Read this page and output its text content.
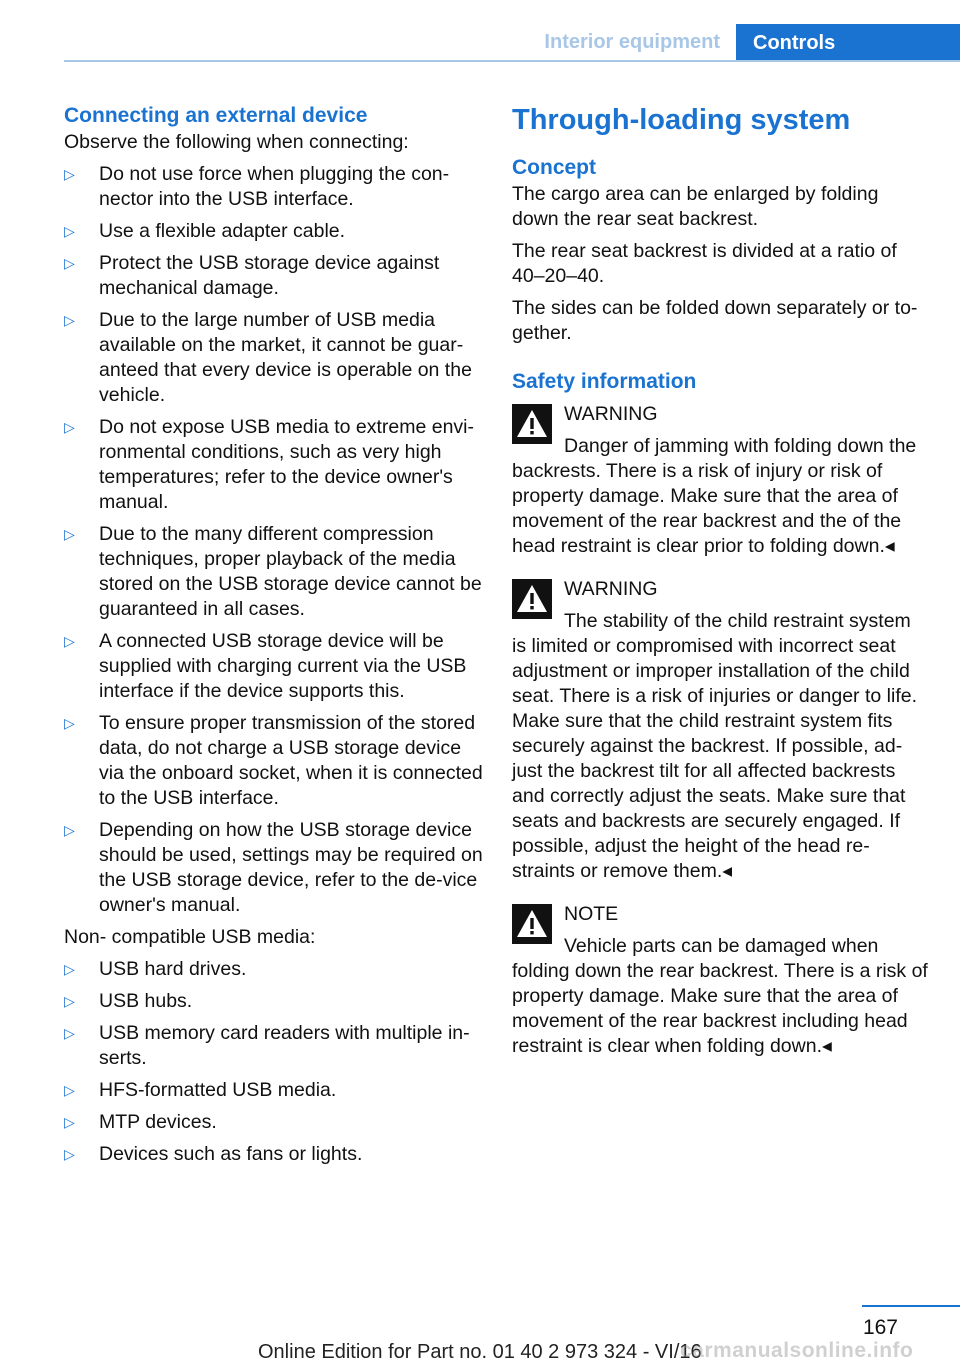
Interior equipment	Controls
Connecting an external device

Observe the following when connecting:

▷ Do not use force when plugging the con-nector into the USB interface.
▷ Use a flexible adapter cable.
▷ Protect the USB storage device against mechanical damage.
▷ Due to the large number of USB media available on the market, it cannot be guar-anteed that every device is operable on the vehicle.
▷ Do not expose USB media to extreme envi-ronmental conditions, such as very high temperatures; refer to the device owner's manual.
▷ Due to the many different compression techniques, proper playback of the media stored on the USB storage device cannot be guaranteed in all cases.
▷ A connected USB storage device will be supplied with charging current via the USB interface if the device supports this.
▷ To ensure proper transmission of the stored data, do not charge a USB storage device via the onboard socket, when it is connected to the USB interface.
▷ Depending on how the USB storage device should be used, settings may be required on the USB storage device, refer to the de-vice owner's manual.

Non- compatible USB media:

▷ USB hard drives.
▷ USB hubs.
▷ USB memory card readers with multiple in-serts.
▷ HFS-formatted USB media.
▷ MTP devices.
▷ Devices such as fans or lights.
Through-loading system
Concept

The cargo area can be enlarged by folding down the rear seat backrest.

The rear seat backrest is divided at a ratio of 40–20–40.

The sides can be folded down separately or to-gether.

Safety information
WARNING
Danger of jamming with folding down the backrests. There is a risk of injury or risk of property damage. Make sure that the area of movement of the rear backrest and the of the head restraint is clear prior to folding down.◂
WARNING
The stability of the child restraint system is limited or compromised with incorrect seat adjustment or improper installation of the child seat. There is a risk of injuries or danger to life. Make sure that the child restraint system fits securely against the backrest. If possible, ad-just the backrest tilt for all affected backrests and correctly adjust the seats. Make sure that seats and backrests are securely engaged. If possible, adjust the height of the head re-straints or remove them.◂
NOTE
Vehicle parts can be damaged when folding down the rear backrest. There is a risk of property damage. Make sure that the area of movement of the rear backrest including head restraint is clear when folding down.◂
167
Online Edition for Part no. 01 40 2 973 324 - VI/16
carmanualsonline.info
